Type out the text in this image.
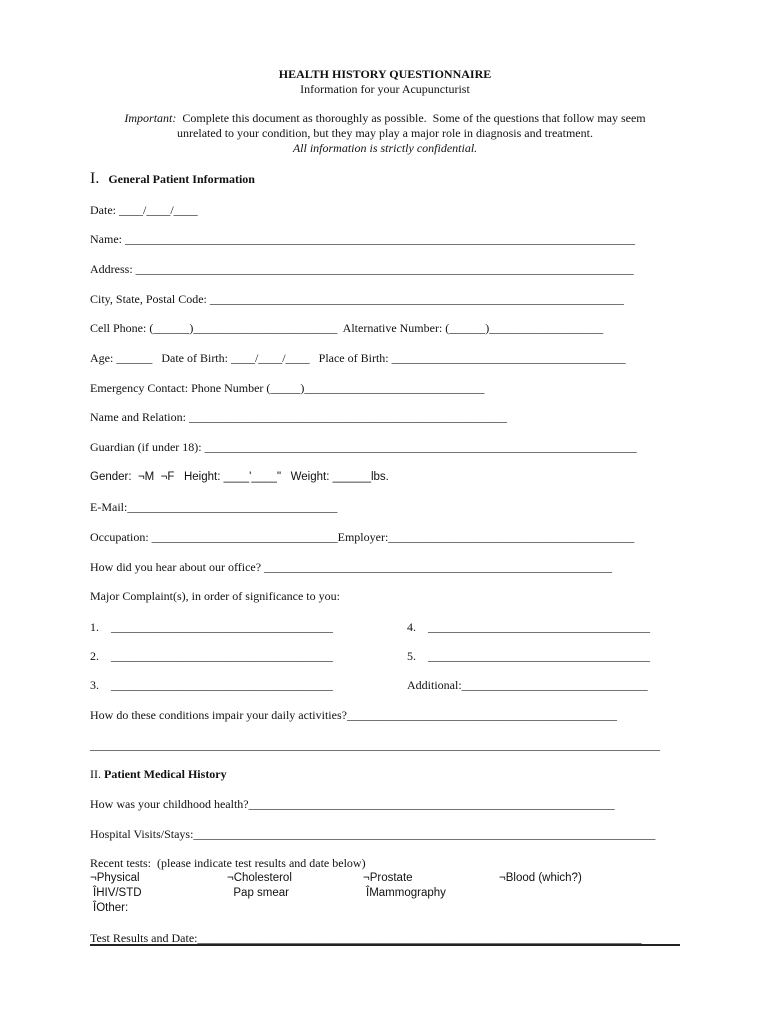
HEALTH HISTORY QUESTIONNAIRE
Information for your Acupuncturist
Important:  Complete this document as thoroughly as possible.  Some of the questions that follow may seem
unrelated to your condition, but they may play a major role in diagnosis and treatment.
All information is strictly confidential.
I. General Patient Information
Date: ____/____/____
Name: _____________________________________________________________________________________
Address: ___________________________________________________________________________________
City, State, Postal Code: _____________________________________________________________________
Cell Phone: (______)________________________  Alternative Number: (______)___________________
Age: ______   Date of Birth: ____/____/____   Place of Birth: _______________________________________
Emergency Contact: Phone Number (_____)______________________________
Name and Relation: _____________________________________________________
Guardian (if under 18): ________________________________________________________________________
Gender:  ¬M  ¬F   Height: ____'____"   Weight: ______lbs.
E-Mail:___________________________________
Occupation: _______________________________Employer:_________________________________________
How did you hear about our office? __________________________________________________________
Major Complaint(s), in order of significance to you:
1.    _____________________________________
2.    _____________________________________
3.    _____________________________________
4.    _____________________________________
5.    _____________________________________
Additional:_______________________________
How do these conditions impair your daily activities?_____________________________________________
_______________________________________________________________________________________________
II. Patient Medical History
How was your childhood health?_____________________________________________________________
Hospital Visits/Stays:_____________________________________________________________________________
Recent tests:  (please indicate test results and date below)
¬Physical	¬Cholesterol	¬Prostate	¬Blood (which?)
ÎHIV/STD	Pap smear	ÎMammography
ÎOther:
Test Results and Date:__________________________________________________________________________
